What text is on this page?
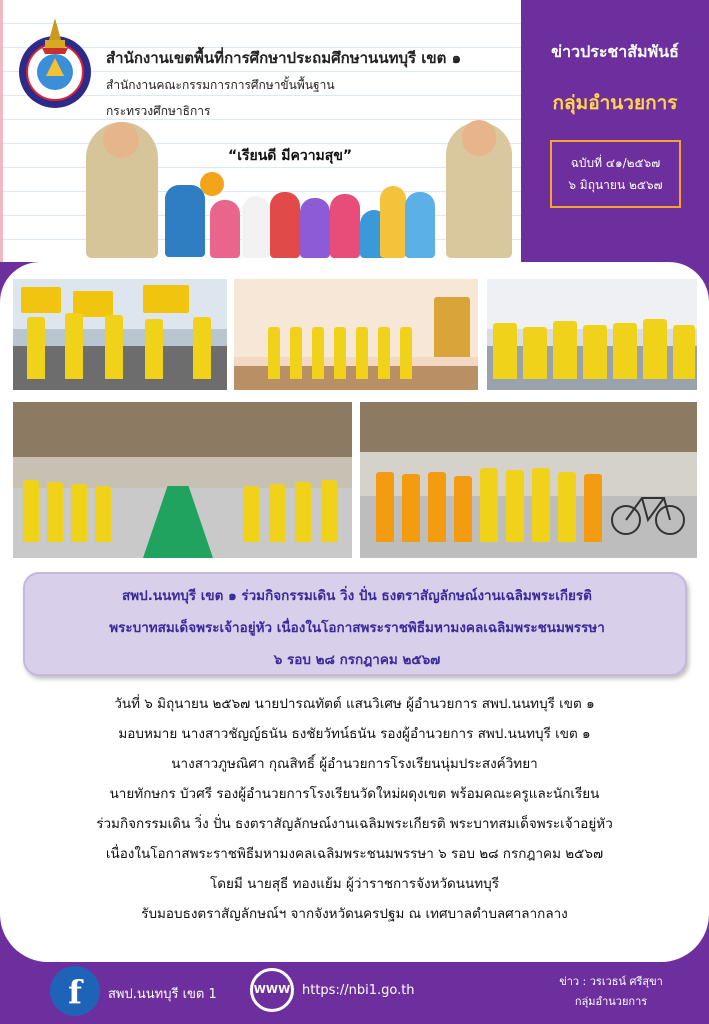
สำนักงานเขตพื้นที่การศึกษาประถมศึกษานนทบุรี เขต ๑
สำนักงานคณะกรรมการการศึกษาขั้นพื้นฐาน
กระทรวงศึกษาธิการ
“เรียนดี มีความสุข”
ข่าวประชาสัมพันธ์
กลุ่มอำนวยการ
ฉบับที่ ๔๑/๒๕๖๗
๖ มิถุนายน ๒๕๖๗
สพป.นนทบุรี เขต ๑ ร่วมกิจกรรมเดิน วิ่ง ปั่น ธงตราสัญลักษณ์งานเฉลิมพระเกียรติ
พระบาทสมเด็จพระเจ้าอยู่หัว เนื่องในโอกาสพระราชพิธีมหามงคลเฉลิมพระชนมพรรษา
๖ รอบ ๒๘ กรกฎาคม ๒๕๖๗
วันที่ ๖ มิถุนายน ๒๕๖๗ นายปารณทัตต์ แสนวิเศษ ผู้อำนวยการ สพป.นนทบุรี เขต ๑
มอบหมาย นางสาวชัญญ์ธนัน ธงชัยวัทน์ธนัน รองผู้อำนวยการ สพป.นนทบุรี เขต ๑
นางสาวภูษณิศา กุณสิทธิ์ ผู้อำนวยการโรงเรียนนุ่มประสงค์วิทยา
นายทักษกร บัวศรี รองผู้อำนวยการโรงเรียนวัดใหม่ผดุงเขต พร้อมคณะครูและนักเรียน
ร่วมกิจกรรมเดิน วิ่ง ปั่น ธงตราสัญลักษณ์งานเฉลิมพระเกียรติ พระบาทสมเด็จพระเจ้าอยู่หัว
เนื่องในโอกาสพระราชพิธีมหามงคลเฉลิมพระชนมพรรษา ๖ รอบ ๒๘ กรกฎาคม ๒๕๖๗
โดยมี นายสุธี ทองแย้ม ผู้ว่าราชการจังหวัดนนทบุรี
รับมอบธงตราสัญลักษณ์ฯ จากจังหวัดนครปฐม ณ เทศบาลตำบลศาลากลาง
f	สพป.นนทบุรี เขต 1	WWW https://nbi1.go.th
ข่าว : วรเวธน์ ศรีสุขา
กลุ่มอำนวยการ
